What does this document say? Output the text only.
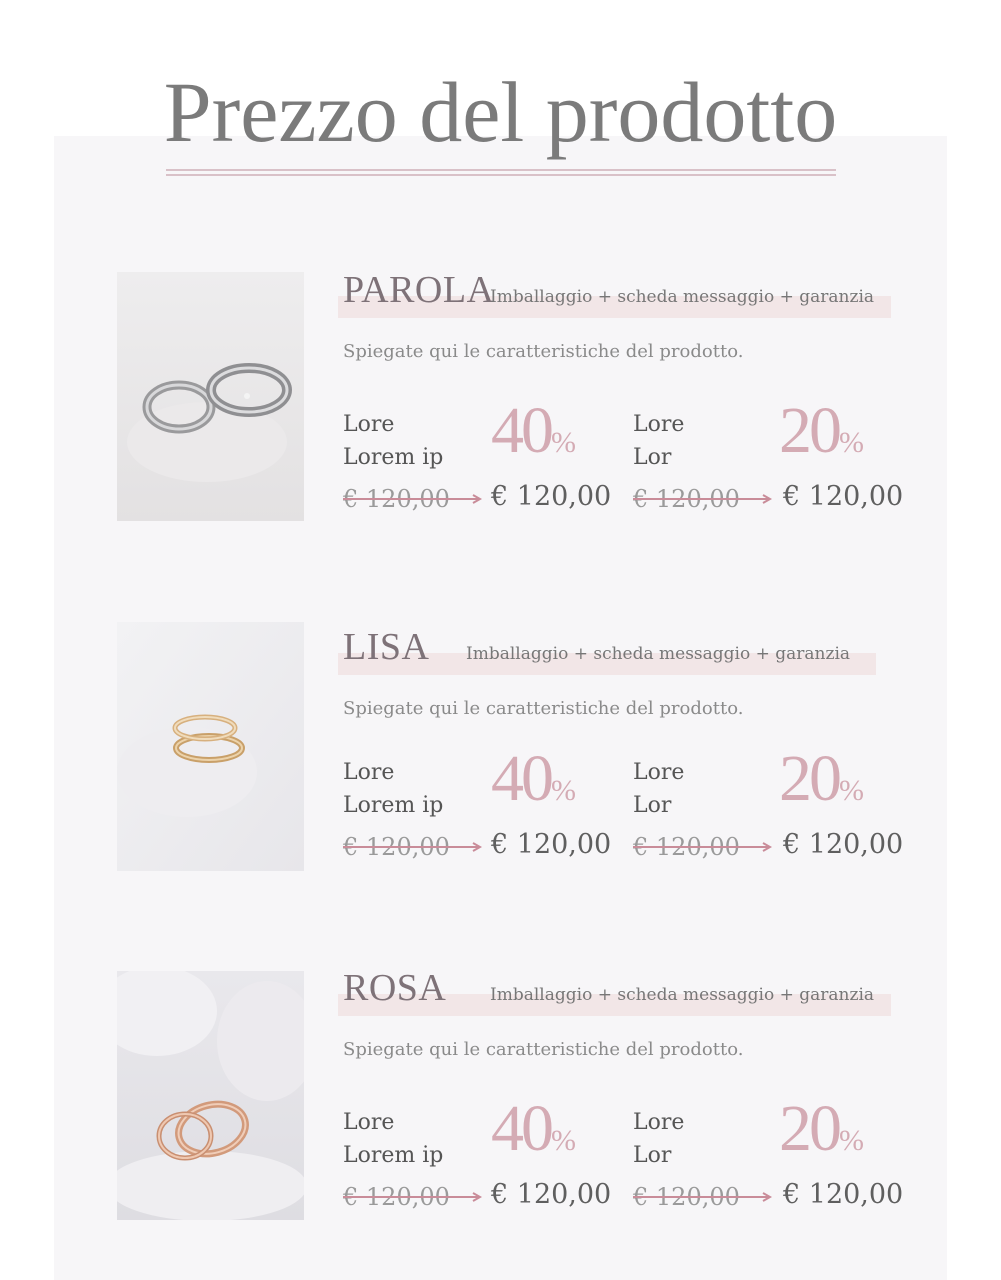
Prezzo del prodotto
PAROLA
Imballaggio + scheda messaggio + garanzia
Spiegate qui le caratteristiche del prodotto.
Lore
Lorem ip 40%
€ 120,00 € 120,00
Lore
Lor 20%
€ 120,00 € 120,00
LISA Imballaggio + scheda messaggio + garanzia
Spiegate qui le caratteristiche del prodotto.
Lore
Lorem ip 40%
€ 120,00 € 120,00
Lore
Lor 20%
€ 120,00 € 120,00
ROSA	Imballaggio + scheda messaggio + garanzia
Spiegate qui le caratteristiche del prodotto.
Lore
Lorem ip 40%
€ 120,00 € 120,00
Lore
Lor 20%
€ 120,00 € 120,00
